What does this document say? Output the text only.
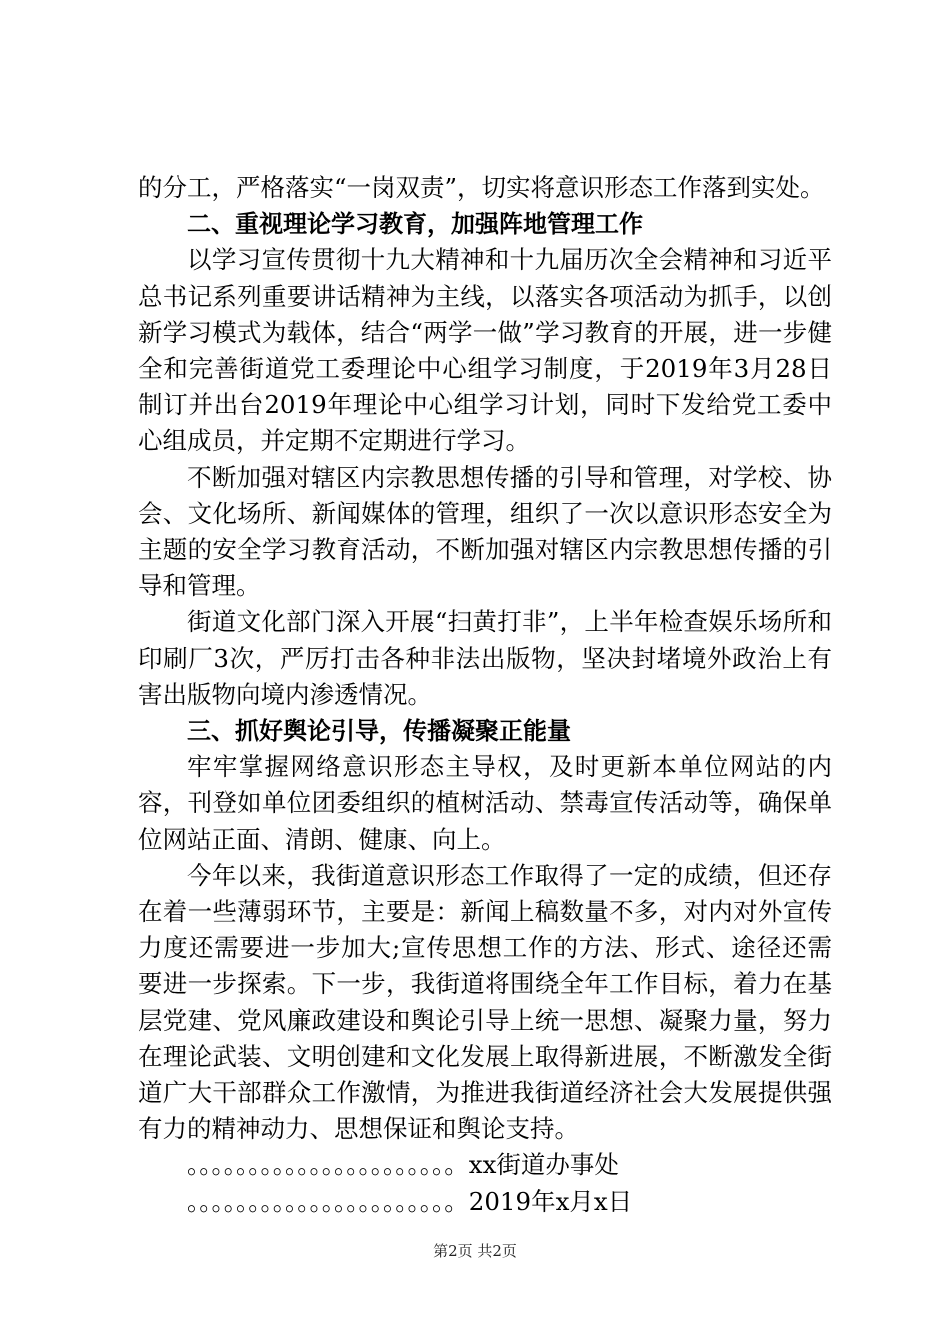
的分工，严格落实“一岗双责”，切实将意识形态工作落到实处。

二、重视理论学习教育，加强阵地管理工作

以学习宣传贯彻十九大精神和十九届历次全会精神和习近平总书记系列重要讲话精神为主线，以落实各项活动为抓手，以创新学习模式为载体，结合“两学一做”学习教育的开展，进一步健全和完善街道党工委理论中心组学习制度，于2019年3月28日制订并出台2019年理论中心组学习计划，同时下发给党工委中心组成员，并定期不定期进行学习。

不断加强对辖区内宗教思想传播的引导和管理，对学校、协会、文化场所、新闻媒体的管理，组织了一次以意识形态安全为主题的安全学习教育活动，不断加强对辖区内宗教思想传播的引导和管理。

街道文化部门深入开展“扫黄打非”，上半年检查娱乐场所和印刷厂3次，严厉打击各种非法出版物，坚决封堵境外政治上有害出版物向境内渗透情况。

三、抓好舆论引导，传播凝聚正能量

牢牢掌握网络意识形态主导权，及时更新本单位网站的内容，刊登如单位团委组织的植树活动、禁毒宣传活动等，确保单位网站正面、清朗、健康、向上。

今年以来，我街道意识形态工作取得了一定的成绩，但还存在着一些薄弱环节，主要是：新闻上稿数量不多，对内对外宣传力度还需要进一步加大;宣传思想工作的方法、形式、途径还需要进一步探索。下一步，我街道将围绕全年工作目标，着力在基层党建、党风廉政建设和舆论引导上统一思想、凝聚力量，努力在理论武装、文明创建和文化发展上取得新进展，不断激发全街道广大干部群众工作激情，为推进我街道经济社会大发展提供强有力的精神动力、思想保证和舆论支持。

。。。。。。。。。。。。。。。。。。。。。。xx街道办事处

。。。。。。。。。。。。。。。。。。。。。。2019年x月x日

第2页 共2页
